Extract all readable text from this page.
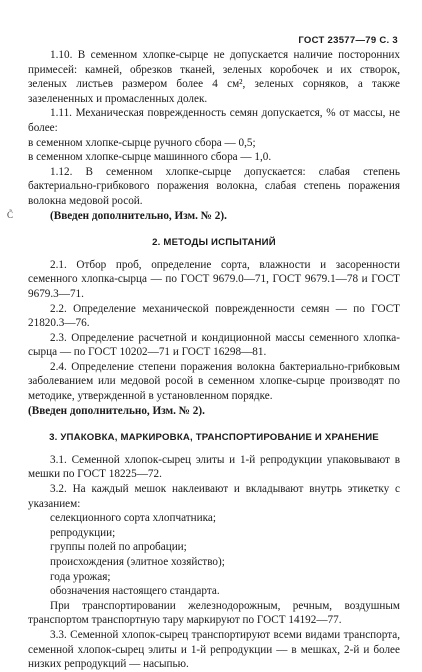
ГОСТ 23577—79 С. 3
C̃

1.10. В семенном хлопке-сырце не допускается наличие посторонних примесей: камней, обрезков тканей, зеленых коробочек и их створок, зеленых листьев размером более 4 см², зеленых сорняков, а также зазелененных и промасленных долек.

1.11. Механическая поврежденность семян допускается, % от массы, не более:

в семенном хлопке-сырце ручного сбора — 0,5;

в семенном хлопке-сырце машинного сбора — 1,0.

1.12. В семенном хлопке-сырце допускается: слабая степень бактериально-грибкового поражения волокна, слабая степень поражения волокна медовой росой.

(Введен дополнительно, Изм. № 2).

2. МЕТОДЫ ИСПЫТАНИЙ

2.1. Отбор проб, определение сорта, влажности и засоренности семенного хлопка-сырца — по ГОСТ 9679.0—71, ГОСТ 9679.1—78 и ГОСТ 9679.3—71.

2.2. Определение механической поврежденности семян — по ГОСТ 21820.3—76.

2.3. Определение расчетной и кондиционной массы семенного хлопка-сырца — по ГОСТ 10202—71 и ГОСТ 16298—81.

2.4. Определение степени поражения волокна бактериально-грибковым заболеванием или медовой росой в семенном хлопке-сырце производят по методике, утвержденной в установленном порядке.

(Введен дополнительно, Изм. № 2).

3. УПАКОВКА, МАРКИРОВКА, ТРАНСПОРТИРОВАНИЕ И ХРАНЕНИЕ

3.1. Семенной хлопок-сырец элиты и 1-й репродукции упаковывают в мешки по ГОСТ 18225—72.

3.2. На каждый мешок наклеивают и вкладывают внутрь этикетку с указанием:

селекционного сорта хлопчатника;
репродукции;
группы полей по апробации;
происхождения (элитное хозяйство);
года урожая;
обозначения настоящего стандарта.

При транспортировании железнодорожным, речным, воздушным транспортом транспортную тару маркируют по ГОСТ 14192—77.

3.3. Семенной хлопок-сырец транспортируют всеми видами транспорта, семенной хлопок-сырец элиты и 1-й репродукции — в мешках, 2-й и более низких репродукций — насыпью.
